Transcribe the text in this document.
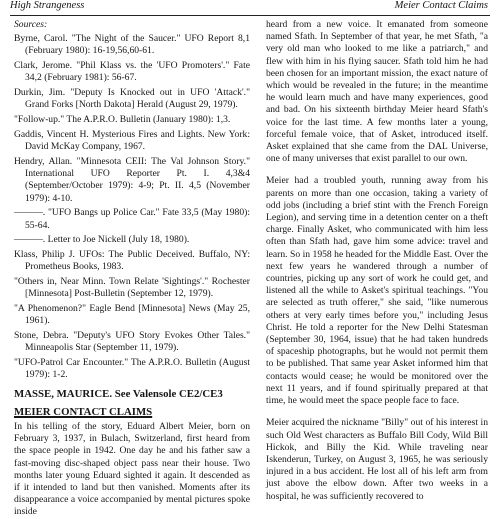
High Strangeness	Meier Contact Claims
Sources:

Byrne, Carol. "The Night of the Saucer." UFO Report 8,1 (February 1980): 16-19,56,60-61.

Clark, Jerome. "Phil Klass vs. the 'UFO Promoters'." Fate 34,2 (February 1981): 56-67.

Durkin, Jim. "Deputy Is Knocked out in UFO 'Attack'." Grand Forks [North Dakota] Herald (August 29, 1979).

"Follow-up." The A.P.R.O. Bulletin (January 1980): 1,3.

Gaddis, Vincent H. Mysterious Fires and Lights. New York: David McKay Company, 1967.

Hendry, Allan. "Minnesota CEII: The Val Johnson Story." International UFO Reporter Pt. I. 4,3&4 (September/October 1979): 4-9; Pt. II. 4,5 (November 1979): 4-10.

———. "UFO Bangs up Police Car." Fate 33,5 (May 1980): 55-64.

———. Letter to Joe Nickell (July 18, 1980).

Klass, Philip J. UFOs: The Public Deceived. Buffalo, NY: Prometheus Books, 1983.

"Others in, Near Minn. Town Relate 'Sightings'." Rochester [Minnesota] Post-Bulletin (September 12, 1979).

"A Phenomenon?" Eagle Bend [Minnesota] News (May 25, 1961).

Stone, Debra. "Deputy's UFO Story Evokes Other Tales." Minneapolis Star (September 11, 1979).

"UFO-Patrol Car Encounter." The A.P.R.O. Bulletin (August 1979): 1-2.

MASSE, MAURICE. See Valensole CE2/CE3
MEIER CONTACT CLAIMS

In his telling of the story, Eduard Albert Meier, born on February 3, 1937, in Bulach, Switzerland, first heard from the space people in 1942. One day he and his father saw a fast-moving disc-shaped object pass near their house. Two months later young Eduard sighted it again. It descended as if it intended to land but then vanished. Moments after its disappearance a voice accompanied by mental pictures spoke inside

heard from a new voice. It emanated from someone named Sfath. In September of that year, he met Sfath, "a very old man who looked to me like a patriarch," and flew with him in his flying saucer. Sfath told him he had been chosen for an important mission, the exact nature of which would be revealed in the future; in the meantime he would learn much and have many experiences, good and bad. On his sixteenth birthday Meier heard Sfath's voice for the last time. A few months later a young, forceful female voice, that of Asket, introduced itself. Asket explained that she came from the DAL Universe, one of many universes that exist parallel to our own.

Meier had a troubled youth, running away from his parents on more than one occasion, taking a variety of odd jobs (including a brief stint with the French Foreign Legion), and serving time in a detention center on a theft charge. Finally Asket, who communicated with him less often than Sfath had, gave him some advice: travel and learn. So in 1958 he headed for the Middle East. Over the next few years he wandered through a number of countries, picking up any sort of work he could get, and listened all the while to Asket's spiritual teachings. "You are selected as truth offerer," she said, "like numerous others at very early times before you," including Jesus Christ. He told a reporter for the New Delhi Statesman (September 30, 1964, issue) that he had taken hundreds of spaceship photographs, but he would not permit them to be published. That same year Asket informed him that contacts would cease; he would be monitored over the next 11 years, and if found spiritually prepared at that time, he would meet the space people face to face.

Meier acquired the nickname "Billy" out of his interest in such Old West characters as Buffalo Bill Cody, Wild Bill Hickok, and Billy the Kid. While traveling near Iskenderun, Turkey, on August 3, 1965, he was seriously injured in a bus accident. He lost all of his left arm from just above the elbow down. After two weeks in a hospital, he was sufficiently recovered to
